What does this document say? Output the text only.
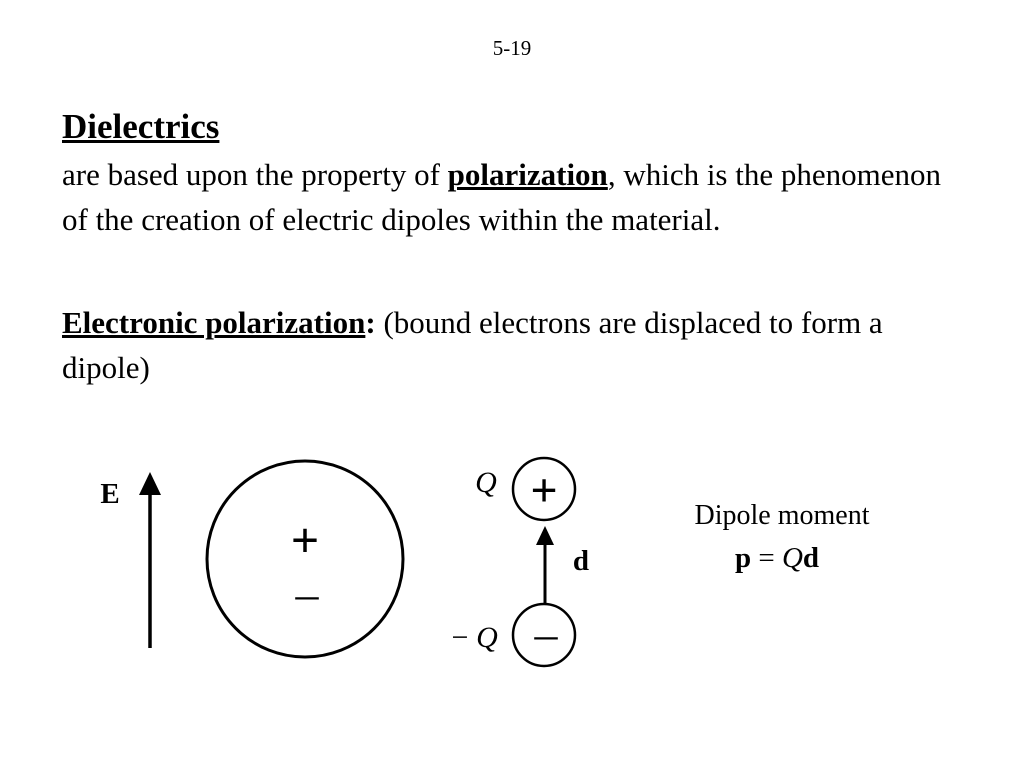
5-19
Dielectrics

are based upon the property of polarization, which is the phenomenon of the creation of electric dipoles within the material.

Electronic polarization: (bound electrons are displaced to form a dipole)

E
+
–
Q +
d
− Q –
Dipole moment
p = Qd
